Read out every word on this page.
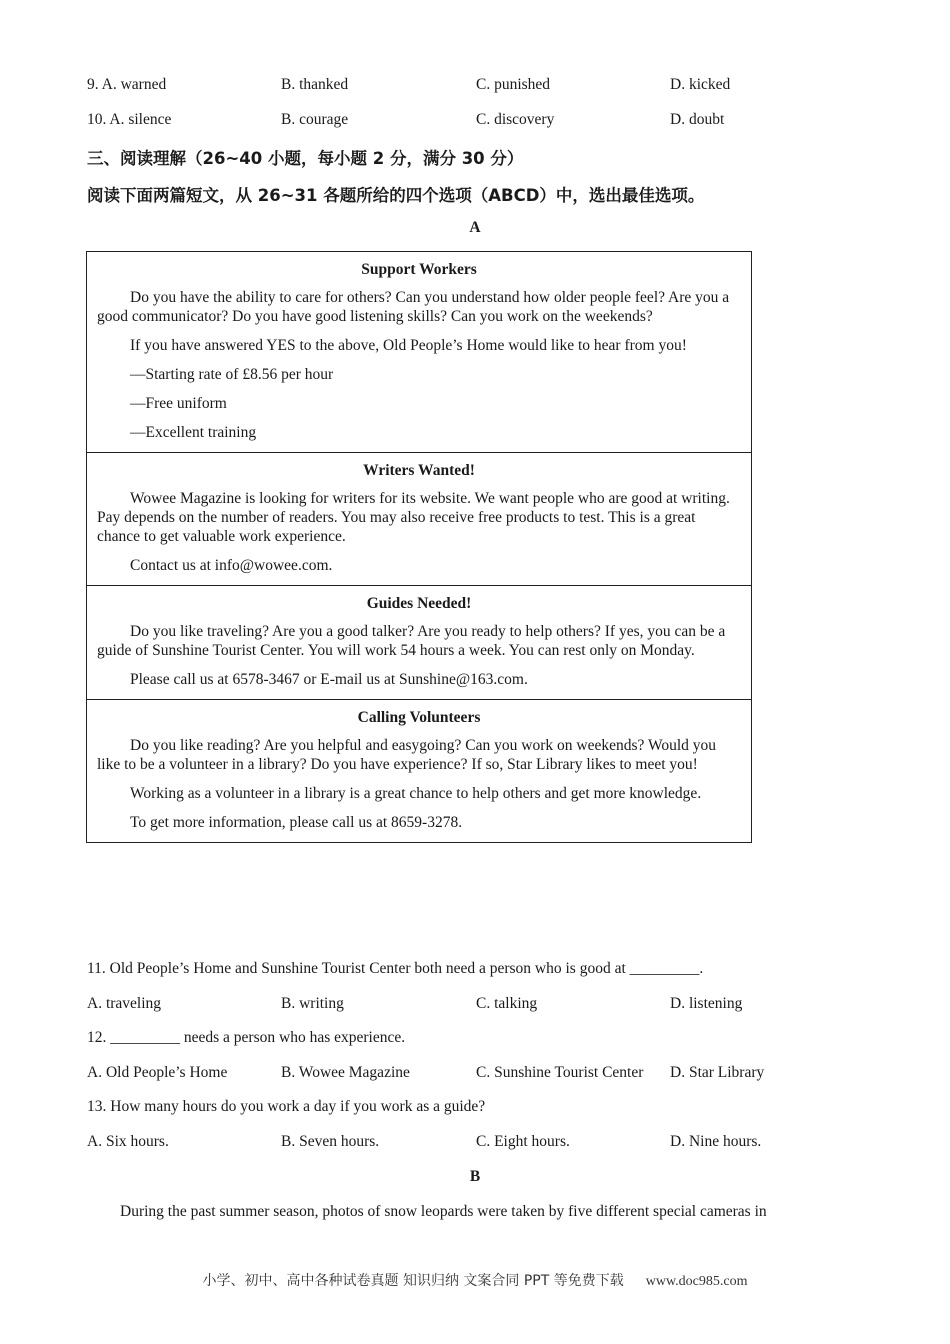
9. A. warned	B. thanked	C. punished	D. kicked
10. A. silence	B. courage	C. discovery	D. doubt
三、阅读理解（26~40 小题，每小题 2 分，满分 30 分）
阅读下面两篇短文，从 26~31 各题所给的四个选项（ABCD）中，选出最佳选项。
A
Support Workers

Do you have the ability to care for others? Can you understand how older people feel? Are you a good communicator? Do you have good listening skills? Can you work on the weekends?

If you have answered YES to the above, Old People’s Home would like to hear from you!

—Starting rate of £8.56 per hour

—Free uniform

—Excellent training

Writers Wanted!

Wowee Magazine is looking for writers for its website. We want people who are good at writing. Pay depends on the number of readers. You may also receive free products to test. This is a great chance to get valuable work experience.

Contact us at info@wowee.com.

Guides Needed!

Do you like traveling? Are you a good talker? Are you ready to help others? If yes, you can be a guide of Sunshine Tourist Center. You will work 54 hours a week. You can rest only on Monday.

Please call us at 6578-3467 or E-mail us at Sunshine@163.com.

Calling Volunteers

Do you like reading? Are you helpful and easygoing? Can you work on weekends? Would you like to be a volunteer in a library? Do you have experience? If so, Star Library likes to meet you!

Working as a volunteer in a library is a great chance to help others and get more knowledge.

To get more information, please call us at 8659-3278.

11. Old People’s Home and Sunshine Tourist Center both need a person who is good at _________.
A. traveling	B. writing	C. talking	D. listening
12. _________ needs a person who has experience.
A. Old People’s Home	B. Wowee Magazine	C. Sunshine Tourist Center D. Star Library
13. How many hours do you work a day if you work as a guide?
A. Six hours.	B. Seven hours.	C. Eight hours.	D. Nine hours.
B
During the past summer season, photos of snow leopards were taken by five different special cameras in
小学、初中、高中各种试卷真题 知识归纳 文案合同 PPT 等免费下载 www.doc985.com
